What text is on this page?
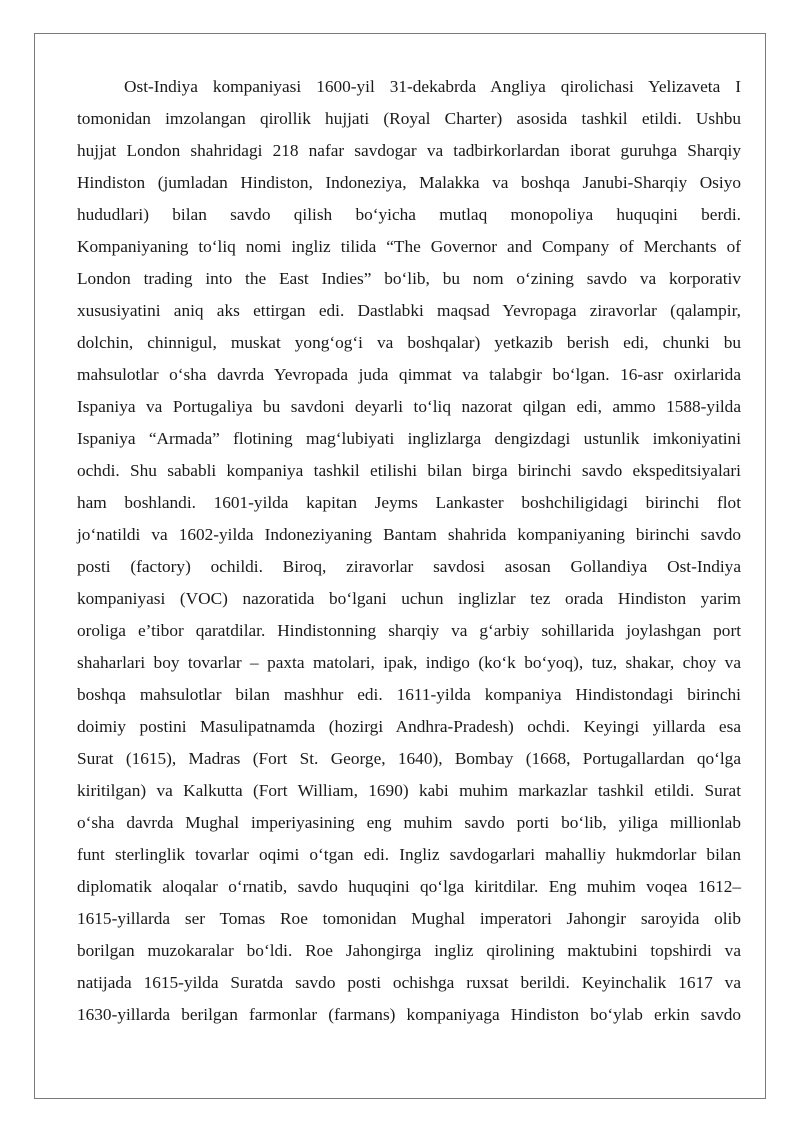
Ost-Indiya kompaniyasi 1600-yil 31-dekabrda Angliya qirolichasi Yelizaveta I
tomonidan imzolangan qirollik hujjati (Royal Charter) asosida tashkil etildi. Ushbu
hujjat London shahridagi 218 nafar savdogar va tadbirkorlardan iborat guruhga Sharqiy
Hindiston (jumladan Hindiston, Indoneziya, Malakka va boshqa Janubi-Sharqiy Osiyo
hududlari) bilan savdo qilish bo‘yicha mutlaq monopoliya huquqini berdi.
Kompaniyaning to‘liq nomi ingliz tilida “The Governor and Company of Merchants of
London trading into the East Indies” bo‘lib, bu nom o‘zining savdo va korporativ
xususiyatini aniq aks ettirgan edi. Dastlabki maqsad Yevropaga ziravorlar (qalampir,
dolchin, chinnigul, muskat yong‘og‘i va boshqalar) yetkazib berish edi, chunki bu
mahsulotlar o‘sha davrda Yevropada juda qimmat va talabgir bo‘lgan. 16-asr oxirlarida
Ispaniya va Portugaliya bu savdoni deyarli to‘liq nazorat qilgan edi, ammo 1588-yilda
Ispaniya “Armada” flotining mag‘lubiyati inglizlarga dengizdagi ustunlik imkoniyatini
ochdi. Shu sababli kompaniya tashkil etilishi bilan birga birinchi savdo ekspeditsiyalari
ham boshlandi. 1601-yilda kapitan Jeyms Lankaster boshchiligidagi birinchi flot
jo‘natildi va 1602-yilda Indoneziyaning Bantam shahrida kompaniyaning birinchi savdo
posti (factory) ochildi. Biroq, ziravorlar savdosi asosan Gollandiya Ost-Indiya
kompaniyasi (VOC) nazoratida bo‘lgani uchun inglizlar tez orada Hindiston yarim
oroliga e’tibor qaratdilar. Hindistonning sharqiy va g‘arbiy sohillarida joylashgan port
shaharlari boy tovarlar – paxta matolari, ipak, indigo (ko‘k bo‘yoq), tuz, shakar, choy va
boshqa mahsulotlar bilan mashhur edi. 1611-yilda kompaniya Hindistondagi birinchi
doimiy postini Masulipatnamda (hozirgi Andhra-Pradesh) ochdi. Keyingi yillarda esa
Surat (1615), Madras (Fort St. George, 1640), Bombay (1668, Portugallardan qo‘lga
kiritilgan) va Kalkutta (Fort William, 1690) kabi muhim markazlar tashkil etildi. Surat
o‘sha davrda Mughal imperiyasining eng muhim savdo porti bo‘lib, yiliga millionlab
funt sterlinglik tovarlar oqimi o‘tgan edi. Ingliz savdogarlari mahalliy hukmdorlar bilan
diplomatik aloqalar o‘rnatib, savdo huquqini qo‘lga kiritdilar. Eng muhim voqea 1612–
1615-yillarda ser Tomas Roe tomonidan Mughal imperatori Jahongir saroyida olib
borilgan muzokaralar bo‘ldi. Roe Jahongirga ingliz qirolining maktubini topshirdi va
natijada 1615-yilda Suratda savdo posti ochishga ruxsat berildi. Keyinchalik 1617 va
1630-yillarda berilgan farmonlar (farmans) kompaniyaga Hindiston bo‘ylab erkin savdo
